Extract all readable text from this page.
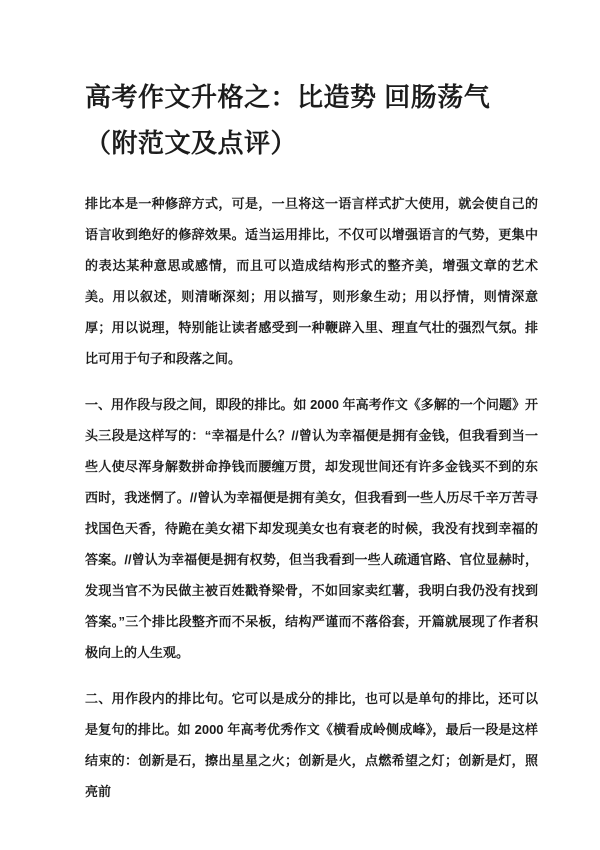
高考作文升格之：比造势 回肠荡气（附范文及点评）

排比本是一种修辞方式，可是，一旦将这一语言样式扩大使用，就会使自己的语言收到绝好的修辞效果。适当运用排比，不仅可以增强语言的气势，更集中的表达某种意思或感情，而且可以造成结构形式的整齐美，增强文章的艺术美。用以叙述，则清晰深刻；用以描写，则形象生动；用以抒情，则情深意厚；用以说理，特别能让读者感受到一种鞭辟入里、理直气壮的强烈气氛。排比可用于句子和段落之间。

一、用作段与段之间，即段的排比。如 2000 年高考作文《多解的一个问题》开头三段是这样写的：“幸福是什么？//曾认为幸福便是拥有金钱，但我看到当一些人使尽浑身解数拼命挣钱而腰缠万贯，却发现世间还有许多金钱买不到的东西时，我迷惘了。//曾认为幸福便是拥有美女，但我看到一些人历尽千辛万苦寻找国色天香，待跪在美女裙下却发现美女也有衰老的时候，我没有找到幸福的答案。//曾认为幸福便是拥有权势，但当我看到一些人疏通官路、官位显赫时，发现当官不为民做主被百姓戳脊梁骨，不如回家卖红薯，我明白我仍没有找到答案。”三个排比段整齐而不呆板，结构严谨而不落俗套，开篇就展现了作者积极向上的人生观。

二、用作段内的排比句。它可以是成分的排比，也可以是单句的排比，还可以是复句的排比。如 2000 年高考优秀作文《横看成岭侧成峰》，最后一段是这样结束的：创新是石，擦出星星之火；创新是火，点燃希望之灯；创新是灯，照亮前
